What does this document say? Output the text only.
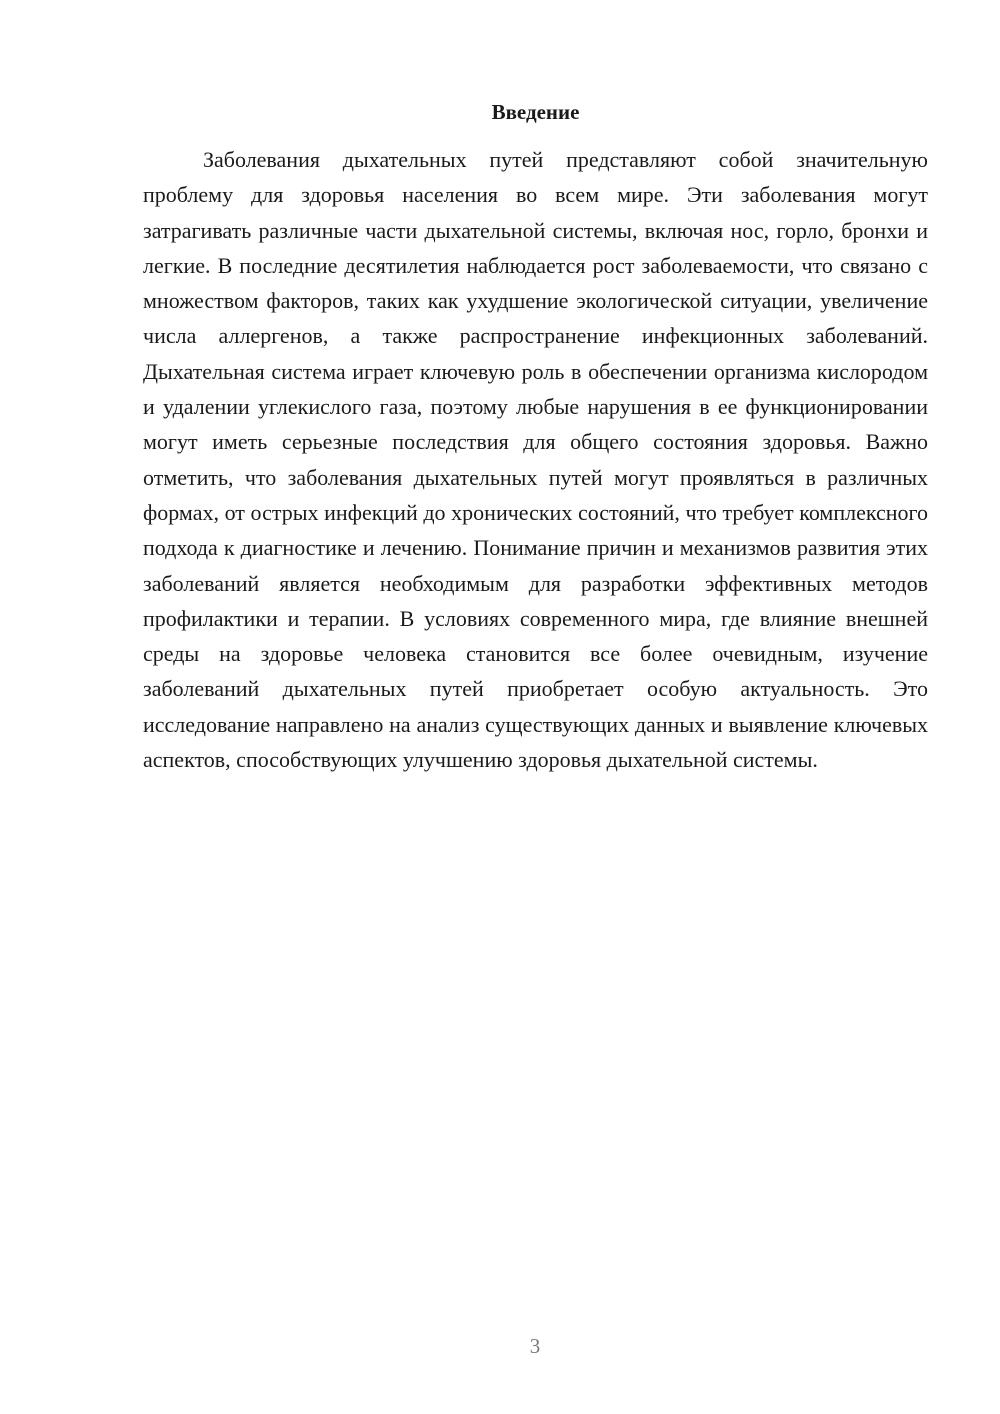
Введение

Заболевания дыхательных путей представляют собой значительную проблему для здоровья населения во всем мире. Эти заболевания могут затрагивать различные части дыхательной системы, включая нос, горло, бронхи и легкие. В последние десятилетия наблюдается рост заболеваемости, что связано с множеством факторов, таких как ухудшение экологической ситуации, увеличение числа аллергенов, а также распространение инфекционных заболеваний. Дыхательная система играет ключевую роль в обеспечении организма кислородом и удалении углекислого газа, поэтому любые нарушения в ее функционировании могут иметь серьезные последствия для общего состояния здоровья. Важно отметить, что заболевания дыхательных путей могут проявляться в различных формах, от острых инфекций до хронических состояний, что требует комплексного подхода к диагностике и лечению. Понимание причин и механизмов развития этих заболеваний является необходимым для разработки эффективных методов профилактики и терапии. В условиях современного мира, где влияние внешней среды на здоровье человека становится все более очевидным, изучение заболеваний дыхательных путей приобретает особую актуальность. Это исследование направлено на анализ существующих данных и выявление ключевых аспектов, способствующих улучшению здоровья дыхательной системы.

3
